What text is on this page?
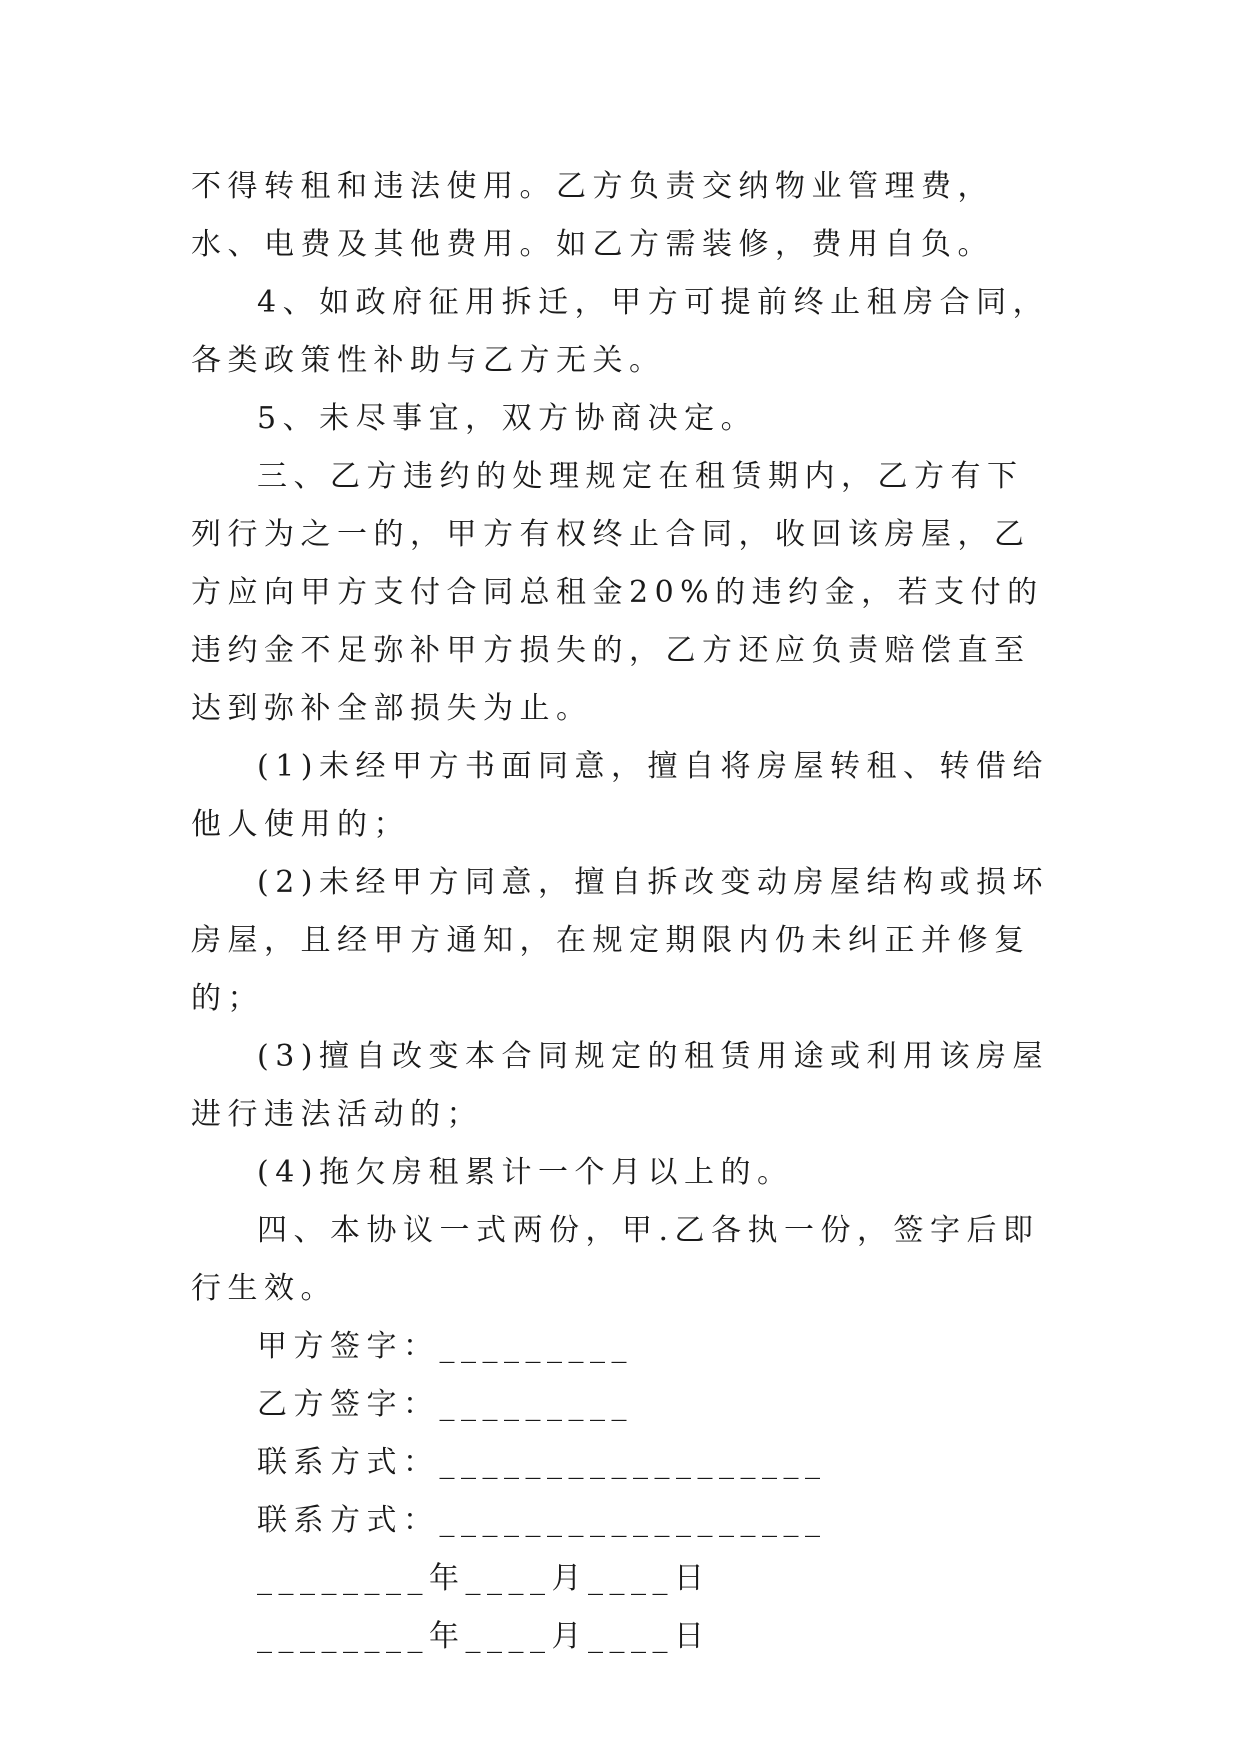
不得转租和违法使用。乙方负责交纳物业管理费，水、电费及其他费用。如乙方需装修，费用自负。

4、如政府征用拆迁，甲方可提前终止租房合同，各类政策性补助与乙方无关。

5、未尽事宜，双方协商决定。

三、乙方违约的处理规定在租赁期内，乙方有下列行为之一的，甲方有权终止合同，收回该房屋，乙方应向甲方支付合同总租金20%的违约金，若支付的违约金不足弥补甲方损失的，乙方还应负责赔偿直至达到弥补全部损失为止。

(1)未经甲方书面同意，擅自将房屋转租、转借给他人使用的；

(2)未经甲方同意，擅自拆改变动房屋结构或损坏房屋，且经甲方通知，在规定期限内仍未纠正并修复的；

(3)擅自改变本合同规定的租赁用途或利用该房屋进行违法活动的；

(4)拖欠房租累计一个月以上的。

四、本协议一式两份，甲.乙各执一份，签字后即行生效。

甲方签字：_________

乙方签字：_________

联系方式：__________________

联系方式：__________________

________年____月____日

________年____月____日
